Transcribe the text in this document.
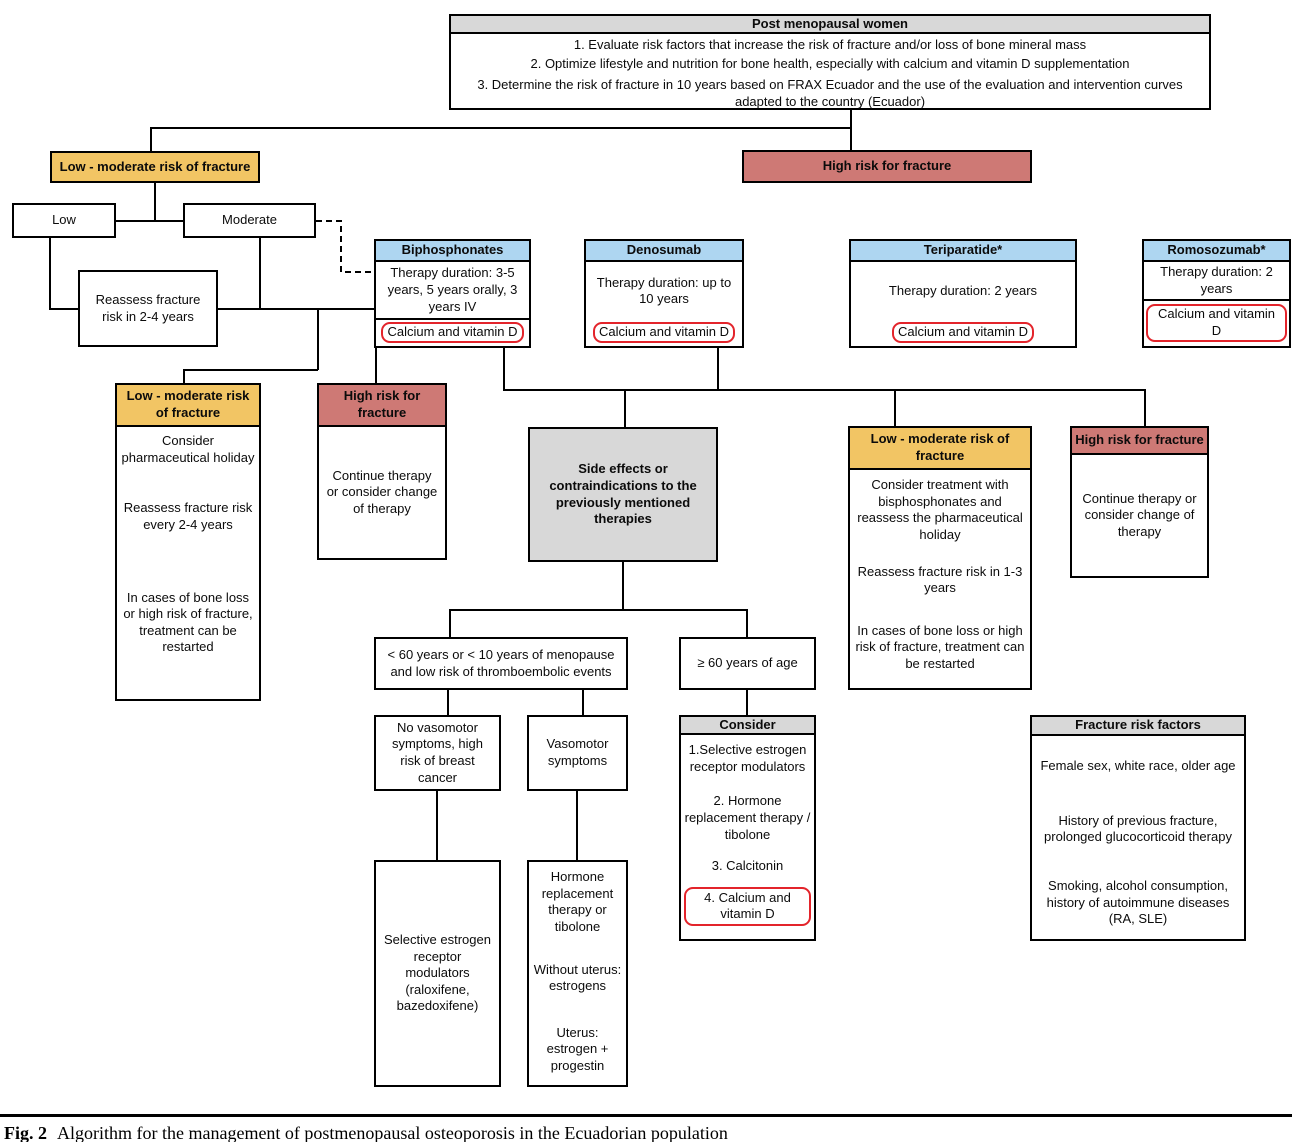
Post menopausal women

1. Evaluate risk factors that increase the risk of fracture and/or loss of bone mineral mass

2. Optimize lifestyle and nutrition for bone health, especially with calcium and vitamin D supplementation

3. Determine the risk of fracture in 10 years based on FRAX Ecuador and the use of the evaluation and intervention curves adapted to the country (Ecuador)

Low - moderate risk of fracture
Low	Moderate
Reassess fracture risk in 2-4 years
High risk for fracture
Biphosphonates
Therapy duration: 3-5 years, 5 years orally, 3 years IV
Calcium and vitamin D
Denosumab
Therapy duration: up to 10 years
Calcium and vitamin D
Teriparatide*
Therapy duration: 2 years
Calcium and vitamin D
Romosozumab*
Therapy duration: 2 years
Calcium and vitamin D
Low - moderate risk of fracture

Consider pharmaceutical holiday

Reassess fracture risk every 2-4 years

In cases of bone loss or high risk of fracture, treatment can be restarted

High risk for fracture
Continue therapy or consider change of therapy
Side effects or contraindications to the previously mentioned therapies
Low - moderate risk of fracture

Consider treatment with bisphosphonates and reassess the pharmaceutical holiday

Reassess fracture risk in 1-3 years

In cases of bone loss or high risk of fracture, treatment can be restarted

High risk for fracture
Continue therapy or consider change of therapy
< 60 years or < 10 years of menopause and low risk of thromboembolic events
≥ 60 years of age
No vasomotor symptoms, high risk of breast cancer
Vasomotor symptoms
Consider

1.Selective estrogen receptor modulators

2. Hormone replacement therapy / tibolone

3. Calcitonin

4. Calcium and vitamin D

Fracture risk factors

Female sex, white race, older age

History of previous fracture, prolonged glucocorticoid therapy

Smoking, alcohol consumption, history of autoimmune diseases (RA, SLE)

Selective estrogen receptor modulators (raloxifene, bazedoxifene)

Hormone replacement therapy or tibolone

Without uterus: estrogens

Uterus: estrogen + progestin

Fig. 2 Algorithm for the management of postmenopausal osteoporosis in the Ecuadorian population
